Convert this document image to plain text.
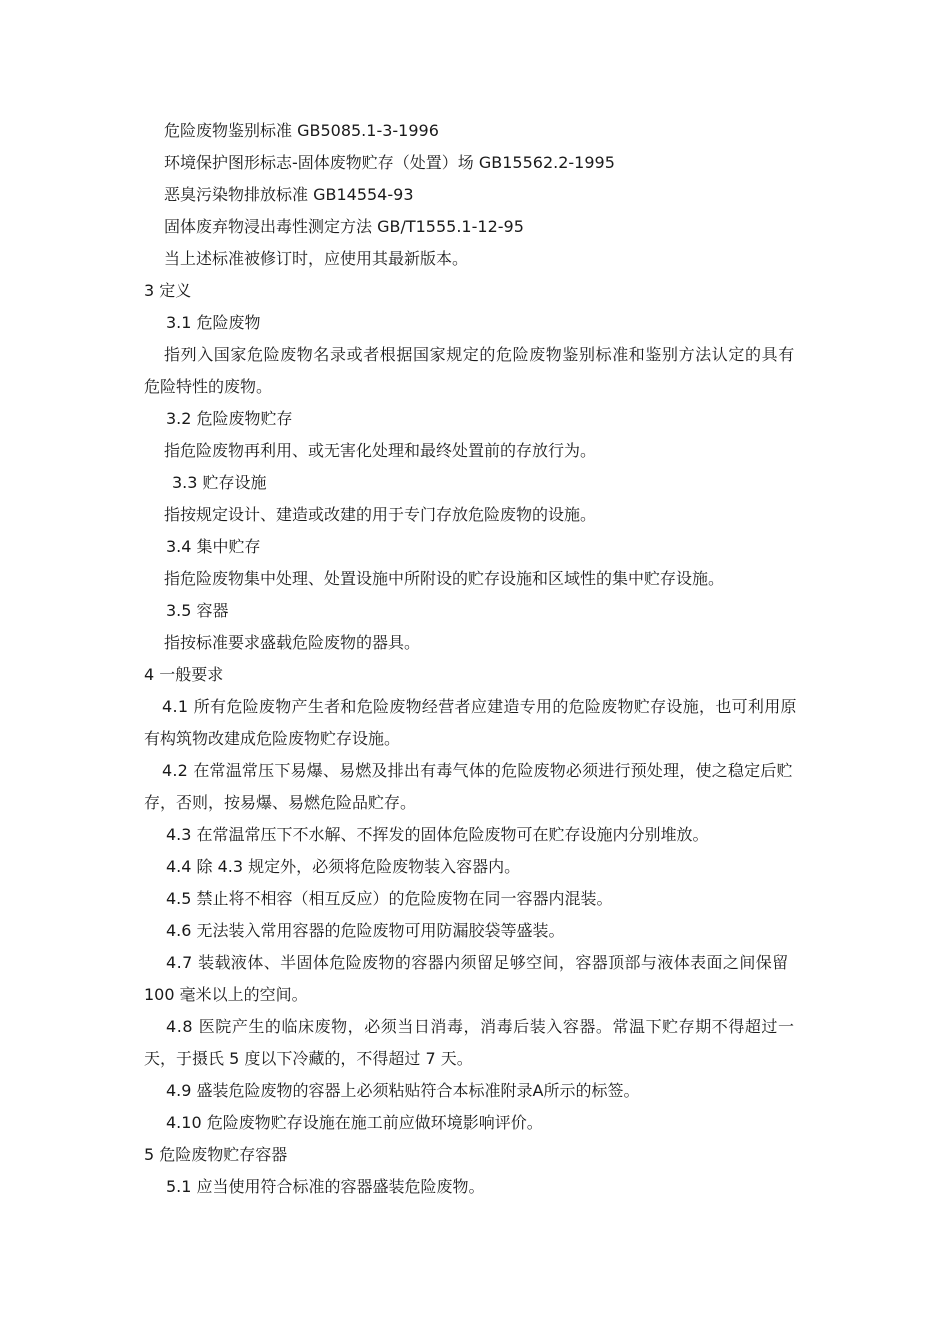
危险废物鉴别标准 GB5085.1-3-1996
环境保护图形标志-固体废物贮存（处置）场 GB15562.2-1995
恶臭污染物排放标准 GB14554-93
固体废弃物浸出毒性测定方法 GB/T1555.1-12-95
当上述标准被修订时，应使用其最新版本。
3 定义
3.1 危险废物
指列入国家危险废物名录或者根据国家规定的危险废物鉴别标准和鉴别方法认定的具有
危险特性的废物。
3.2 危险废物贮存
指危险废物再利用、或无害化处理和最终处置前的存放行为。
3.3 贮存设施
指按规定设计、建造或改建的用于专门存放危险废物的设施。
3.4 集中贮存
指危险废物集中处理、处置设施中所附设的贮存设施和区域性的集中贮存设施。
3.5 容器
指按标准要求盛载危险废物的器具。
4 一般要求
4.1 所有危险废物产生者和危险废物经营者应建造专用的危险废物贮存设施，也可利用原
有构筑物改建成危险废物贮存设施。
4.2 在常温常压下易爆、易燃及排出有毒气体的危险废物必须进行预处理，使之稳定后贮
存，否则，按易爆、易燃危险品贮存。
4.3 在常温常压下不水解、不挥发的固体危险废物可在贮存设施内分别堆放。
4.4 除 4.3 规定外，必须将危险废物装入容器内。
4.5 禁止将不相容（相互反应）的危险废物在同一容器内混装。
4.6 无法装入常用容器的危险废物可用防漏胶袋等盛装。
4.7 装载液体、半固体危险废物的容器内须留足够空间，容器顶部与液体表面之间保留
100 毫米以上的空间。
4.8 医院产生的临床废物，必须当日消毒，消毒后装入容器。常温下贮存期不得超过一
天，于摄氏 5 度以下冷藏的，不得超过 7 天。
4.9 盛装危险废物的容器上必须粘贴符合本标准附录A所示的标签。
4.10 危险废物贮存设施在施工前应做环境影响评价。
5 危险废物贮存容器
5.1 应当使用符合标准的容器盛装危险废物。
